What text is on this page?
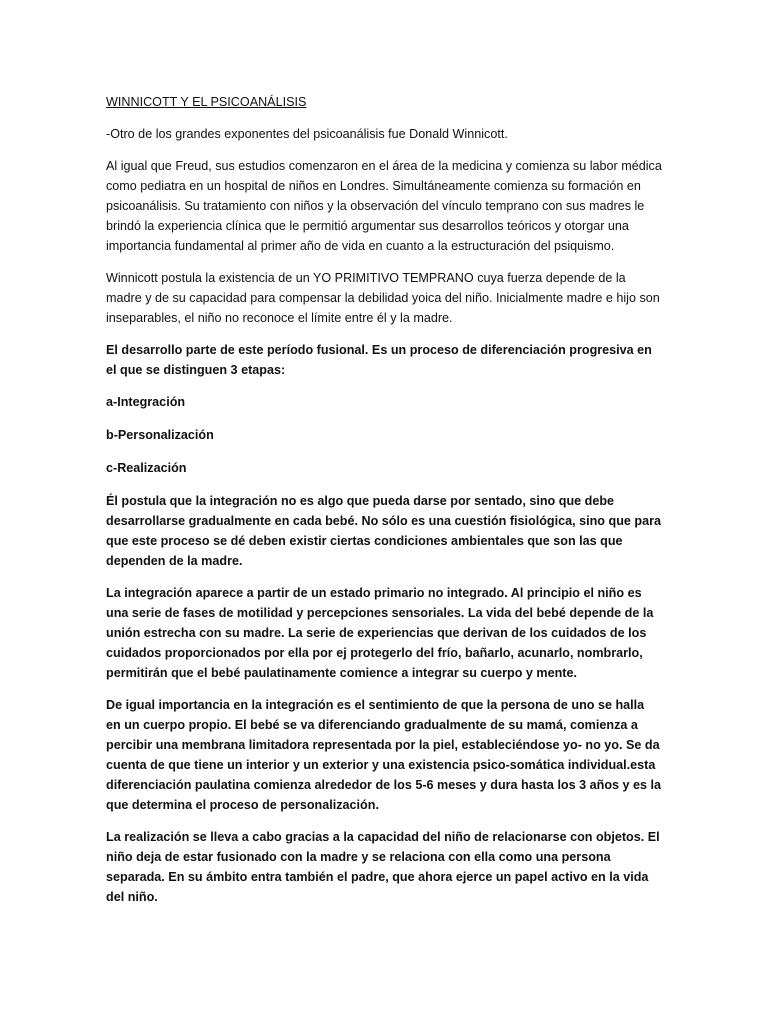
WINNICOTT Y EL PSICOANÁLISIS
-Otro de los grandes exponentes del psicoanálisis fue Donald Winnicott.
Al igual que Freud, sus estudios comenzaron en el área de la medicina y comienza su labor médica como pediatra en un hospital de niños en Londres. Simultáneamente comienza su formación en psicoanálisis. Su tratamiento con niños y la observación del vínculo temprano con sus madres le brindó la experiencia clínica que le permitió argumentar sus desarrollos teóricos y otorgar una importancia fundamental al primer año de vida en cuanto a la estructuración del psiquismo.
Winnicott postula la existencia de un YO PRIMITIVO TEMPRANO cuya fuerza depende de la madre y de su capacidad para compensar la debilidad yoica del niño. Inicialmente madre e hijo son inseparables, el niño no reconoce el límite entre él y la madre.
El desarrollo parte de este período fusional. Es un proceso de diferenciación progresiva en el que se distinguen 3 etapas:
a-Integración
b-Personalización
c-Realización
Él postula que la integración no es algo que pueda darse por sentado, sino que debe desarrollarse gradualmente en cada bebé. No sólo es una cuestión fisiológica, sino que para que este proceso se dé deben existir ciertas condiciones ambientales que son las que dependen de la madre.
La integración aparece a partir de un estado primario no integrado. Al principio el niño es una serie de fases de motilidad y percepciones sensoriales. La vida del bebé depende de la unión estrecha con su madre. La serie de experiencias que derivan de los cuidados de los cuidados proporcionados por ella por ej protegerlo del frío, bañarlo, acunarlo, nombrarlo, permitirán que el bebé paulatinamente comience a integrar su cuerpo y mente.
De igual importancia en la integración es el sentimiento de que la persona de uno se halla en un cuerpo propio. El bebé se va diferenciando gradualmente de su mamá, comienza a percibir una membrana limitadora representada por la piel, estableciéndose yo- no yo. Se da cuenta de que tiene un interior y un exterior y una existencia psico-somática individual.esta diferenciación paulatina comienza alrededor de los 5-6 meses y dura hasta los 3 años y es la que determina el proceso de personalización.
La realización se lleva a cabo gracias a la capacidad del niño de relacionarse con objetos. El niño deja de estar fusionado con la madre y se relaciona con ella como una persona separada. En su ámbito entra también el padre, que ahora ejerce un papel activo en la vida del niño.
